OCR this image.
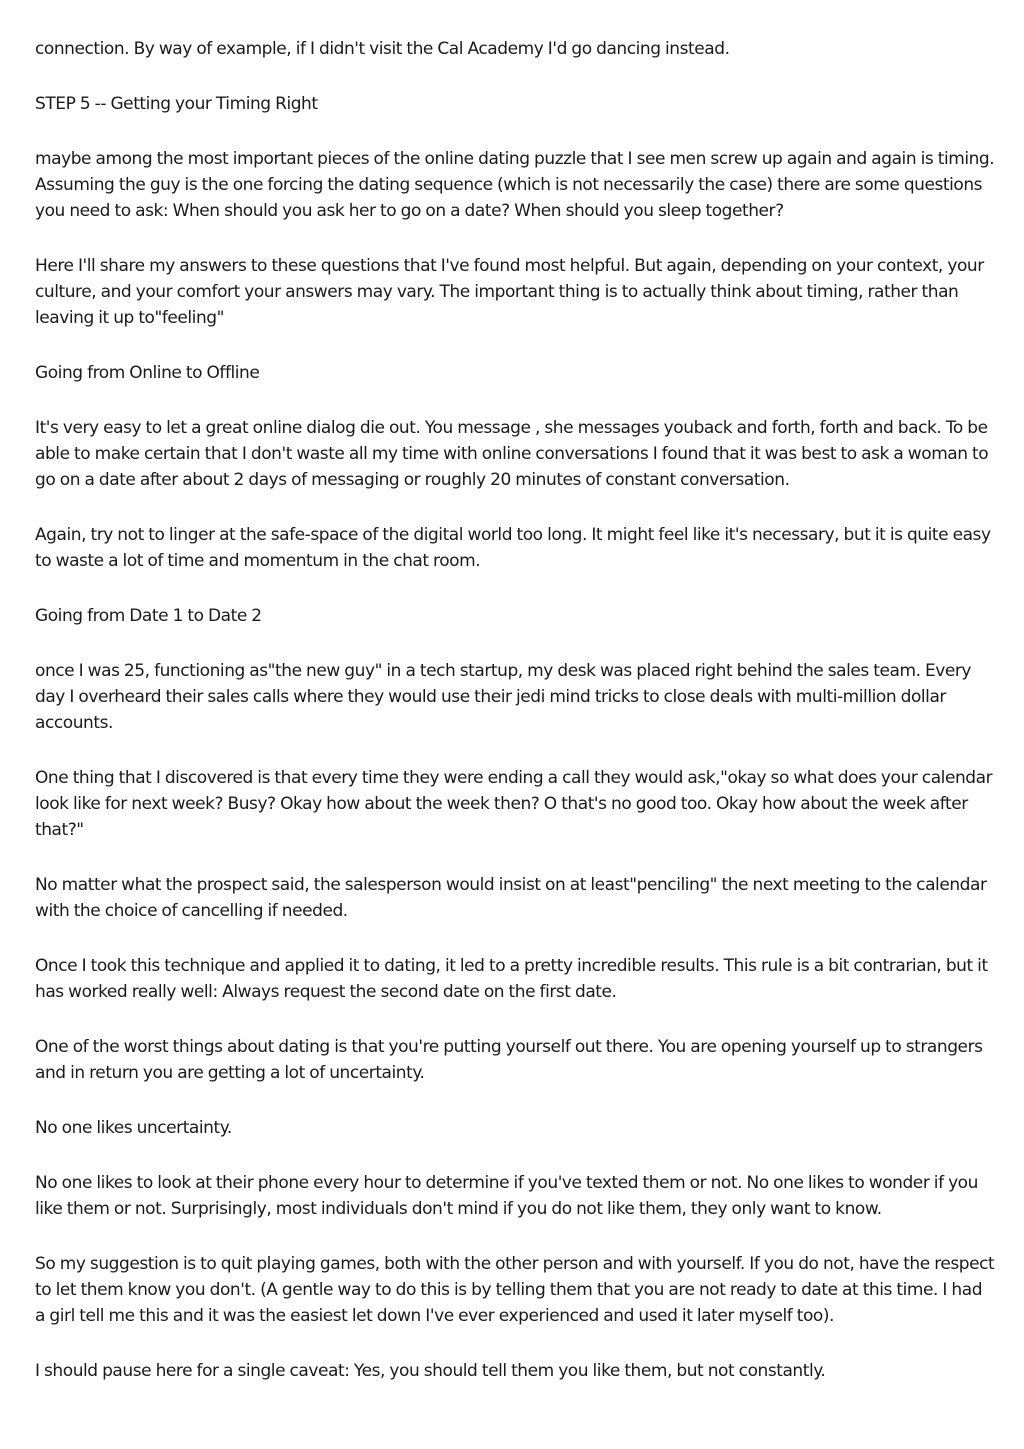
connection. By way of example, if I didn't visit the Cal Academy I'd go dancing instead.

STEP 5 -- Getting your Timing Right

maybe among the most important pieces of the online dating puzzle that I see men screw up again and again is timing. Assuming the guy is the one forcing the dating sequence (which is not necessarily the case) there are some questions you need to ask: When should you ask her to go on a date? When should you sleep together?

Here I'll share my answers to these questions that I've found most helpful. But again, depending on your context, your culture, and your comfort your answers may vary. The important thing is to actually think about timing, rather than leaving it up to"feeling"

Going from Online to Offline

It's very easy to let a great online dialog die out. You message , she messages youback and forth, forth and back. To be able to make certain that I don't waste all my time with online conversations I found that it was best to ask a woman to go on a date after about 2 days of messaging or roughly 20 minutes of constant conversation.

Again, try not to linger at the safe-space of the digital world too long. It might feel like it's necessary, but it is quite easy to waste a lot of time and momentum in the chat room.

Going from Date 1 to Date 2

once I was 25, functioning as"the new guy" in a tech startup, my desk was placed right behind the sales team. Every day I overheard their sales calls where they would use their jedi mind tricks to close deals with multi-million dollar accounts.

One thing that I discovered is that every time they were ending a call they would ask,"okay so what does your calendar look like for next week? Busy? Okay how about the week then? O that's no good too. Okay how about the week after that?"

No matter what the prospect said, the salesperson would insist on at least"penciling" the next meeting to the calendar with the choice of cancelling if needed.

Once I took this technique and applied it to dating, it led to a pretty incredible results. This rule is a bit contrarian, but it has worked really well: Always request the second date on the first date.

One of the worst things about dating is that you're putting yourself out there. You are opening yourself up to strangers and in return you are getting a lot of uncertainty.

No one likes uncertainty.

No one likes to look at their phone every hour to determine if you've texted them or not. No one likes to wonder if you like them or not. Surprisingly, most individuals don't mind if you do not like them, they only want to know.

So my suggestion is to quit playing games, both with the other person and with yourself. If you do not, have the respect to let them know you don't. (A gentle way to do this is by telling them that you are not ready to date at this time. I had a girl tell me this and it was the easiest let down I've ever experienced and used it later myself too).

I should pause here for a single caveat: Yes, you should tell them you like them, but not constantly.
